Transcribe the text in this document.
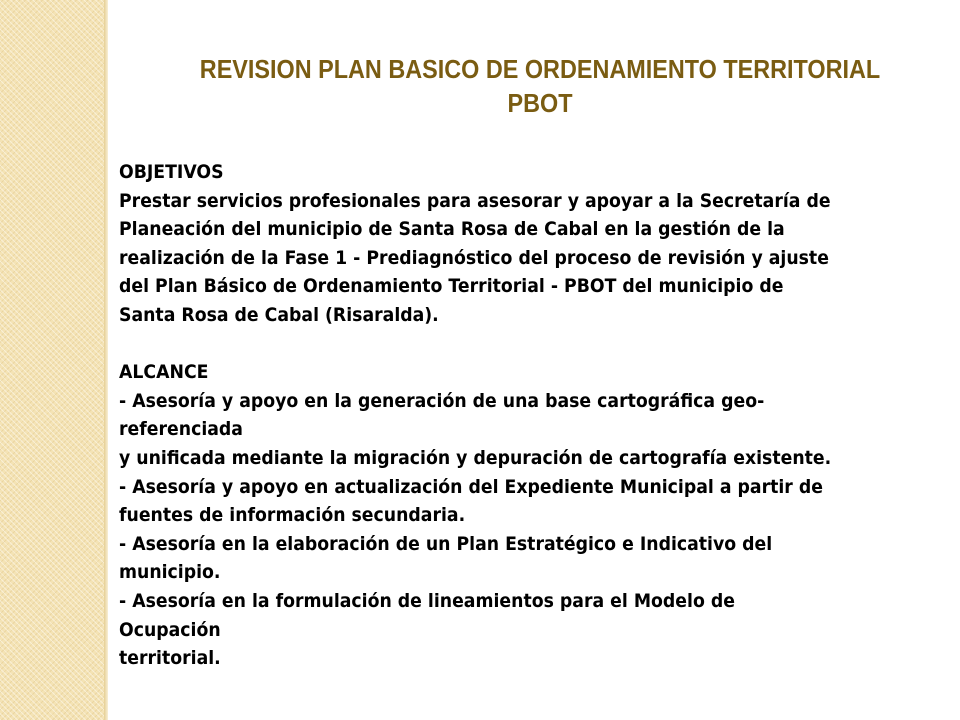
REVISION PLAN BASICO DE ORDENAMIENTO TERRITORIAL
PBOT
OBJETIVOS
Prestar servicios profesionales para asesorar y apoyar a la Secretaría de
Planeación del municipio de Santa Rosa de Cabal en la gestión de la
realización de la Fase 1 - Prediagnóstico del proceso de revisión y ajuste
del Plan Básico de Ordenamiento Territorial - PBOT del municipio de
Santa Rosa de Cabal (Risaralda).
ALCANCE
- Asesoría y apoyo en la generación de una base cartográfica geo-
referenciada
y unificada mediante la migración y depuración de cartografía existente.
- Asesoría y apoyo en actualización del Expediente Municipal a partir de
fuentes de información secundaria.
- Asesoría en la elaboración de un Plan Estratégico e Indicativo del
municipio.
- Asesoría en la formulación de lineamientos para el Modelo de
Ocupación
territorial.
